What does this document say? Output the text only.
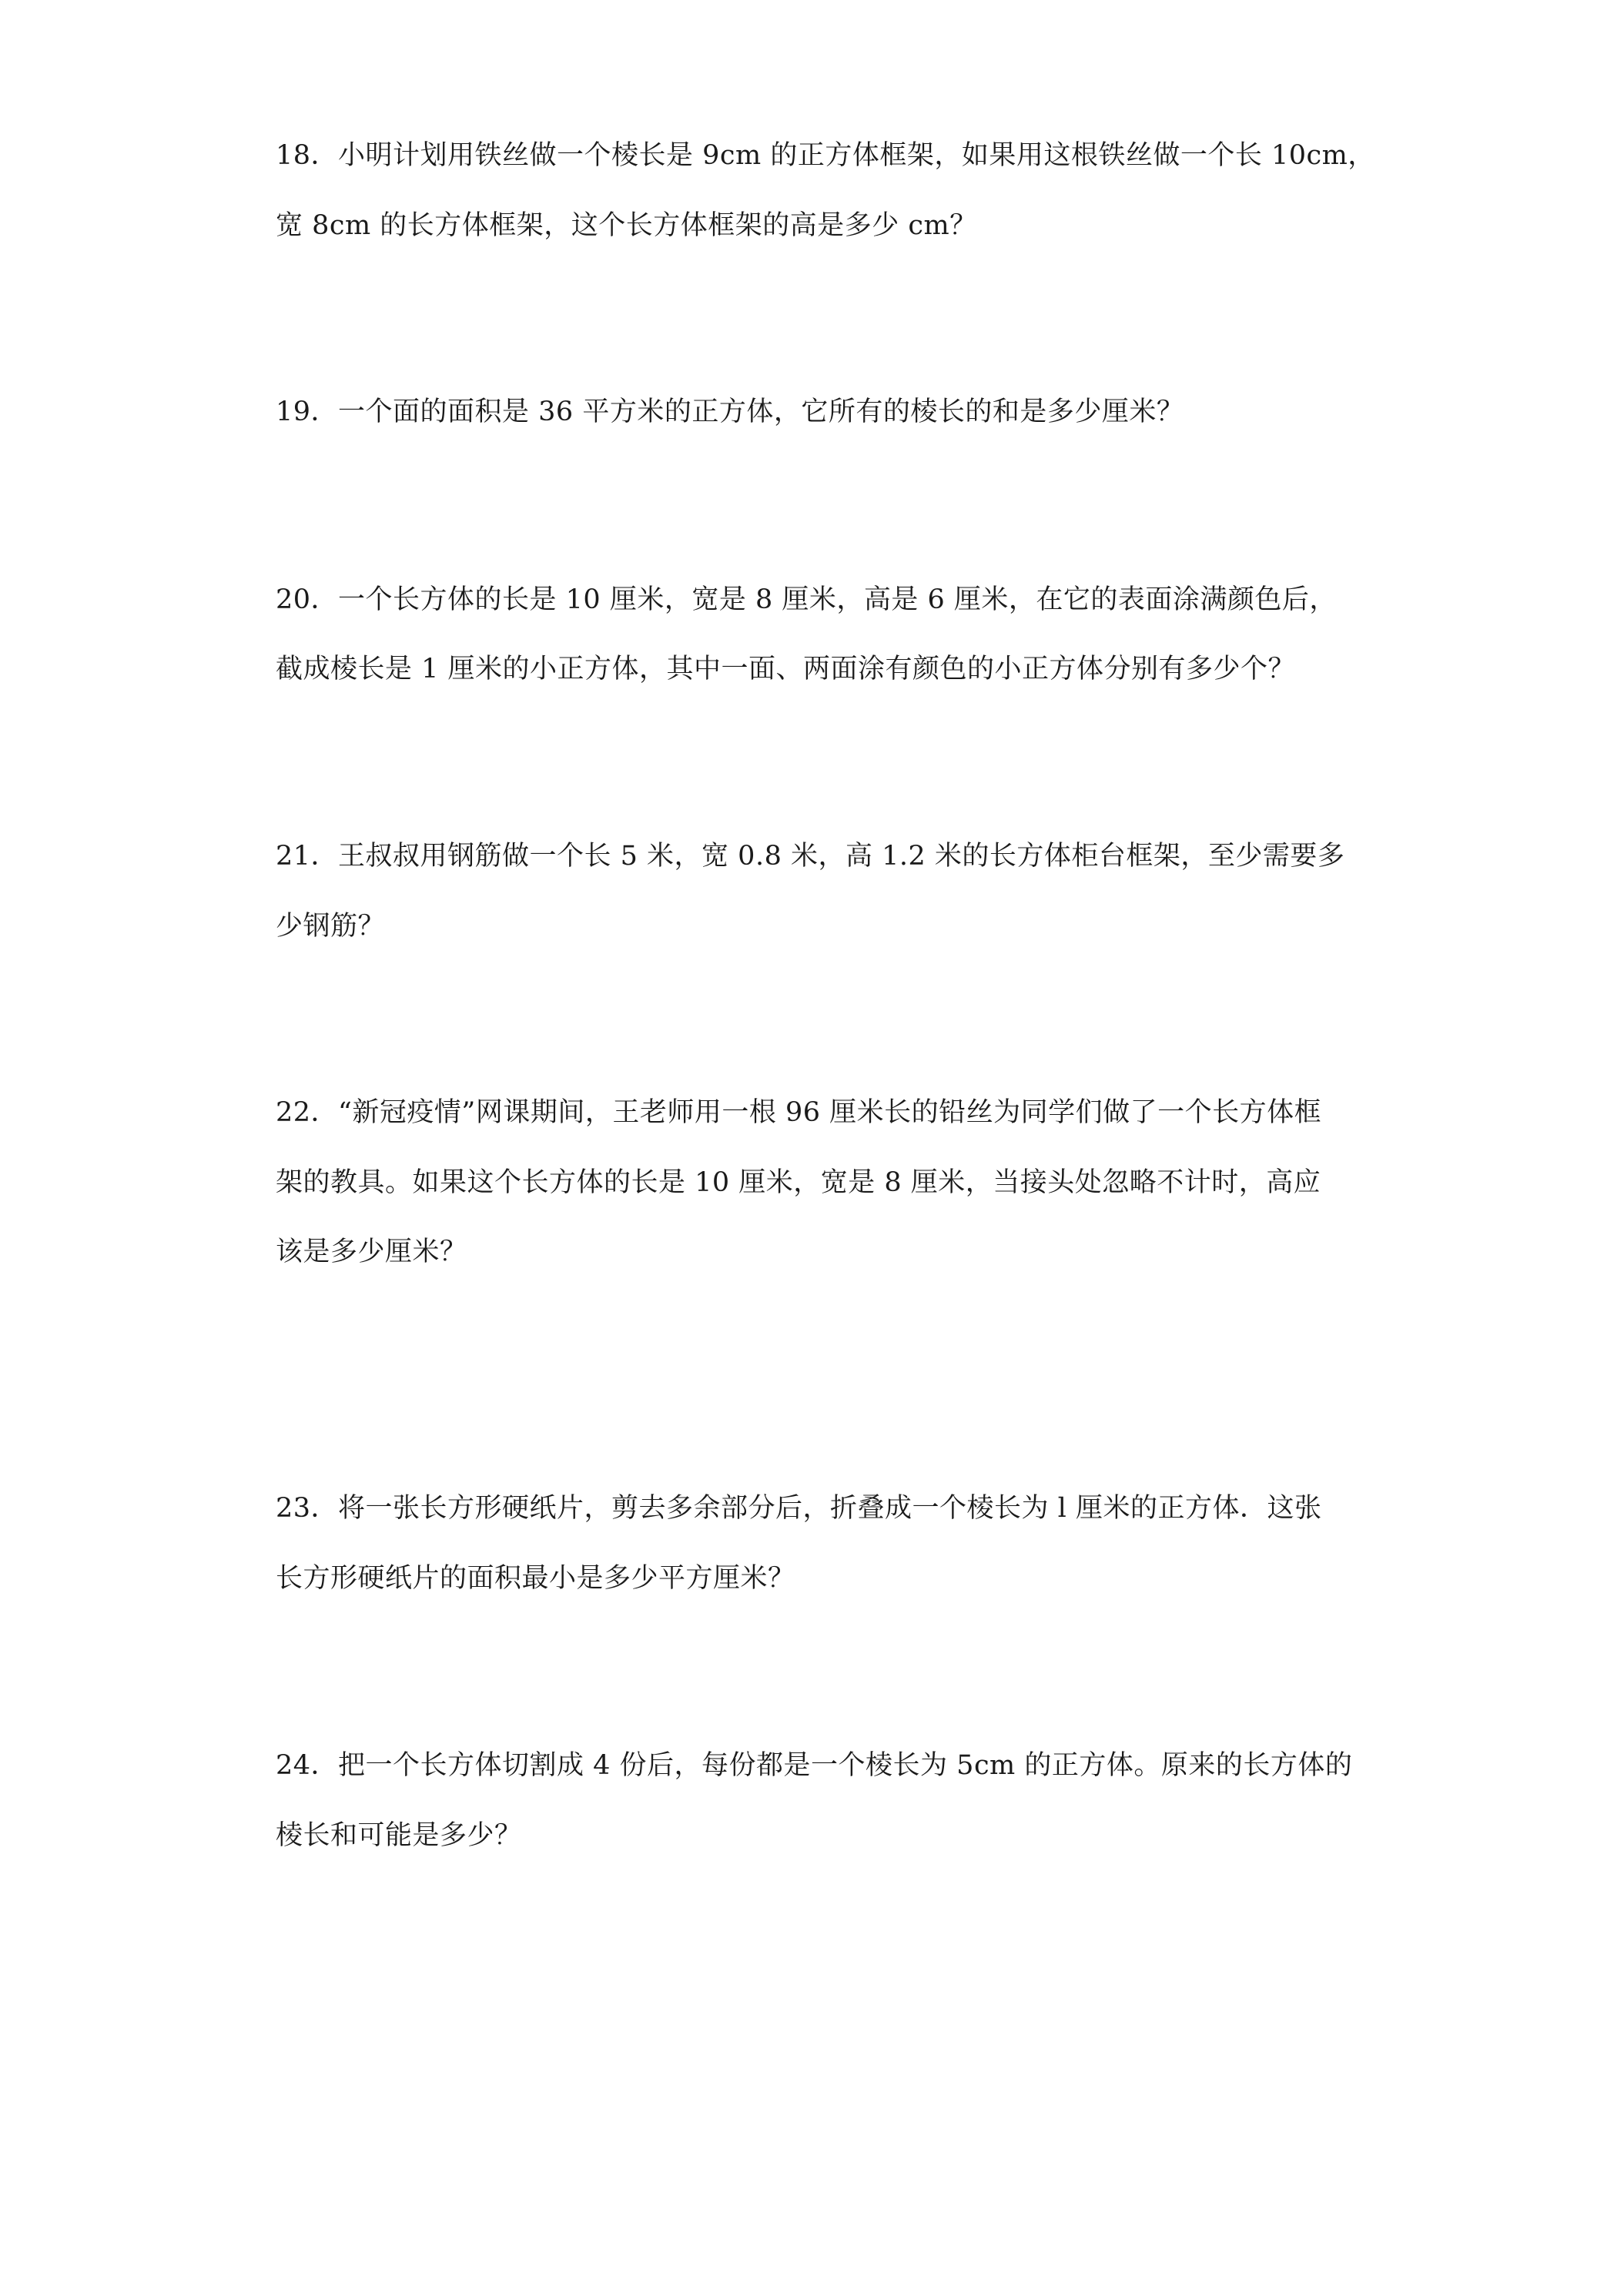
18．小明计划用铁丝做一个棱长是 9cm 的正方体框架，如果用这根铁丝做一个长 10cm，
宽 8cm 的长方体框架，这个长方体框架的高是多少 cm？
19．一个面的面积是 36 平方米的正方体，它所有的棱长的和是多少厘米？
20．一个长方体的长是 10 厘米，宽是 8 厘米，高是 6 厘米，在它的表面涂满颜色后，
截成棱长是 1 厘米的小正方体，其中一面、两面涂有颜色的小正方体分别有多少个？
21．王叔叔用钢筋做一个长 5 米，宽 0.8 米，高 1.2 米的长方体柜台框架，至少需要多
少钢筋？
22．“新冠疫情”网课期间，王老师用一根 96 厘米长的铅丝为同学们做了一个长方体框
架的教具。如果这个长方体的长是 10 厘米，宽是 8 厘米，当接头处忽略不计时，高应
该是多少厘米？
23．将一张长方形硬纸片，剪去多余部分后，折叠成一个棱长为 l 厘米的正方体．这张
长方形硬纸片的面积最小是多少平方厘米？
24．把一个长方体切割成 4 份后，每份都是一个棱长为 5cm 的正方体。原来的长方体的
棱长和可能是多少？
